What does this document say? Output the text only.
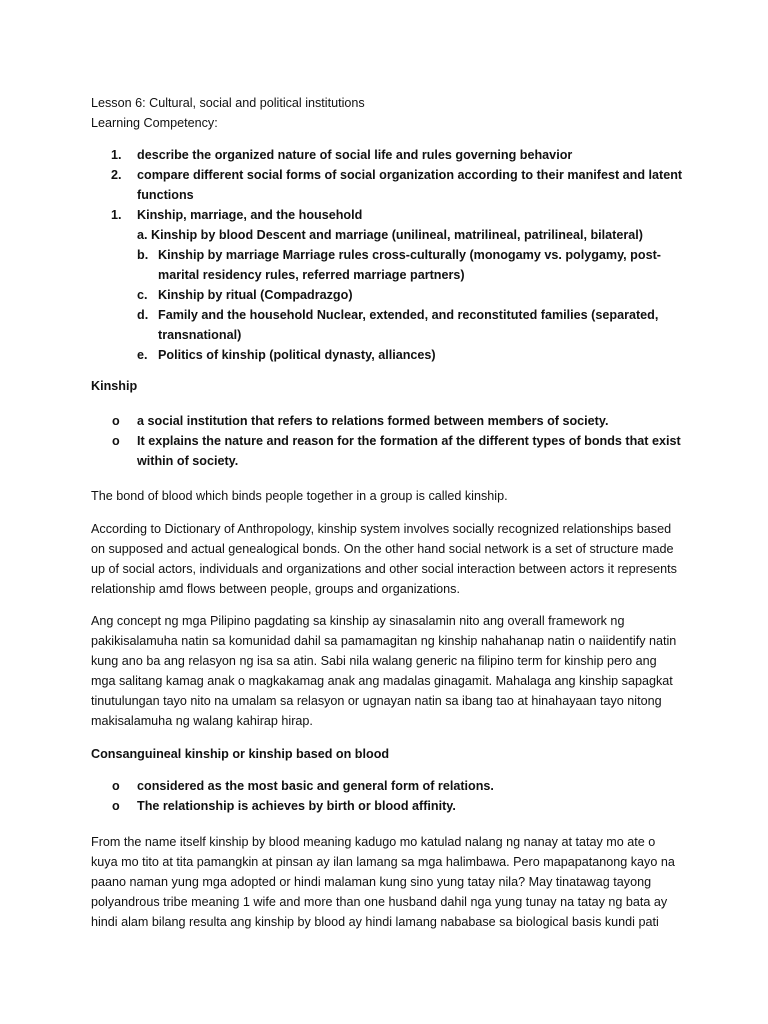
Lesson 6: Cultural, social and political institutions
Learning Competency:
1.	describe the organized nature of social life and rules governing behavior
2.	compare different social forms of social organization according to their manifest and latent functions
1.	Kinship, marriage, and the household
a. Kinship by blood Descent and marriage (unilineal, matrilineal, patrilineal, bilateral)
b. Kinship by marriage Marriage rules cross-culturally (monogamy vs. polygamy, post-marital residency rules, referred marriage partners)
c. Kinship by ritual (Compadrazgo)
d. Family and the household Nuclear, extended, and reconstituted families (separated, transnational)
e. Politics of kinship (political dynasty, alliances)
Kinship
o	a social institution that refers to relations formed between members of society.
o	It explains the nature and reason for the formation af the different types of bonds that exist within of society.
The bond of blood which binds people together in a group is called kinship.
According to Dictionary of Anthropology, kinship system involves socially recognized relationships based on supposed and actual genealogical bonds. On the other hand social network is a set of structure made up of social actors, individuals and organizations and other social interaction between actors it represents relationship amd flows between people, groups and organizations.
Ang concept ng mga Pilipino pagdating sa kinship ay sinasalamin nito ang overall framework ng pakikisalamuha natin sa komunidad dahil sa pamamagitan ng kinship nahahanap natin o naiidentify natin kung ano ba ang relasyon ng isa sa atin. Sabi nila walang generic na filipino term for kinship pero ang mga salitang kamag anak o magkakamag anak ang madalas ginagamit. Mahalaga ang kinship sapagkat tinutulungan tayo nito na umalam sa relasyon or ugnayan natin sa ibang tao at hinahayaan tayo nitong makisalamuha ng walang kahirap hirap.
Consanguineal kinship or kinship based on blood
o	considered as the most basic and general form of relations.
o	The relationship is achieves by birth or blood affinity.
From the name itself kinship by blood meaning kadugo mo katulad nalang ng nanay at tatay mo ate o kuya mo tito at tita pamangkin at pinsan ay ilan lamang sa mga halimbawa. Pero mapapatanong kayo na paano naman yung mga adopted or hindi malaman kung sino yung tatay nila? May tinatawag tayong polyandrous tribe meaning 1 wife and more than one husband dahil nga yung tunay na tatay ng bata ay hindi alam bilang resulta ang kinship by blood ay hindi lamang nababase sa biological basis kundi pati
